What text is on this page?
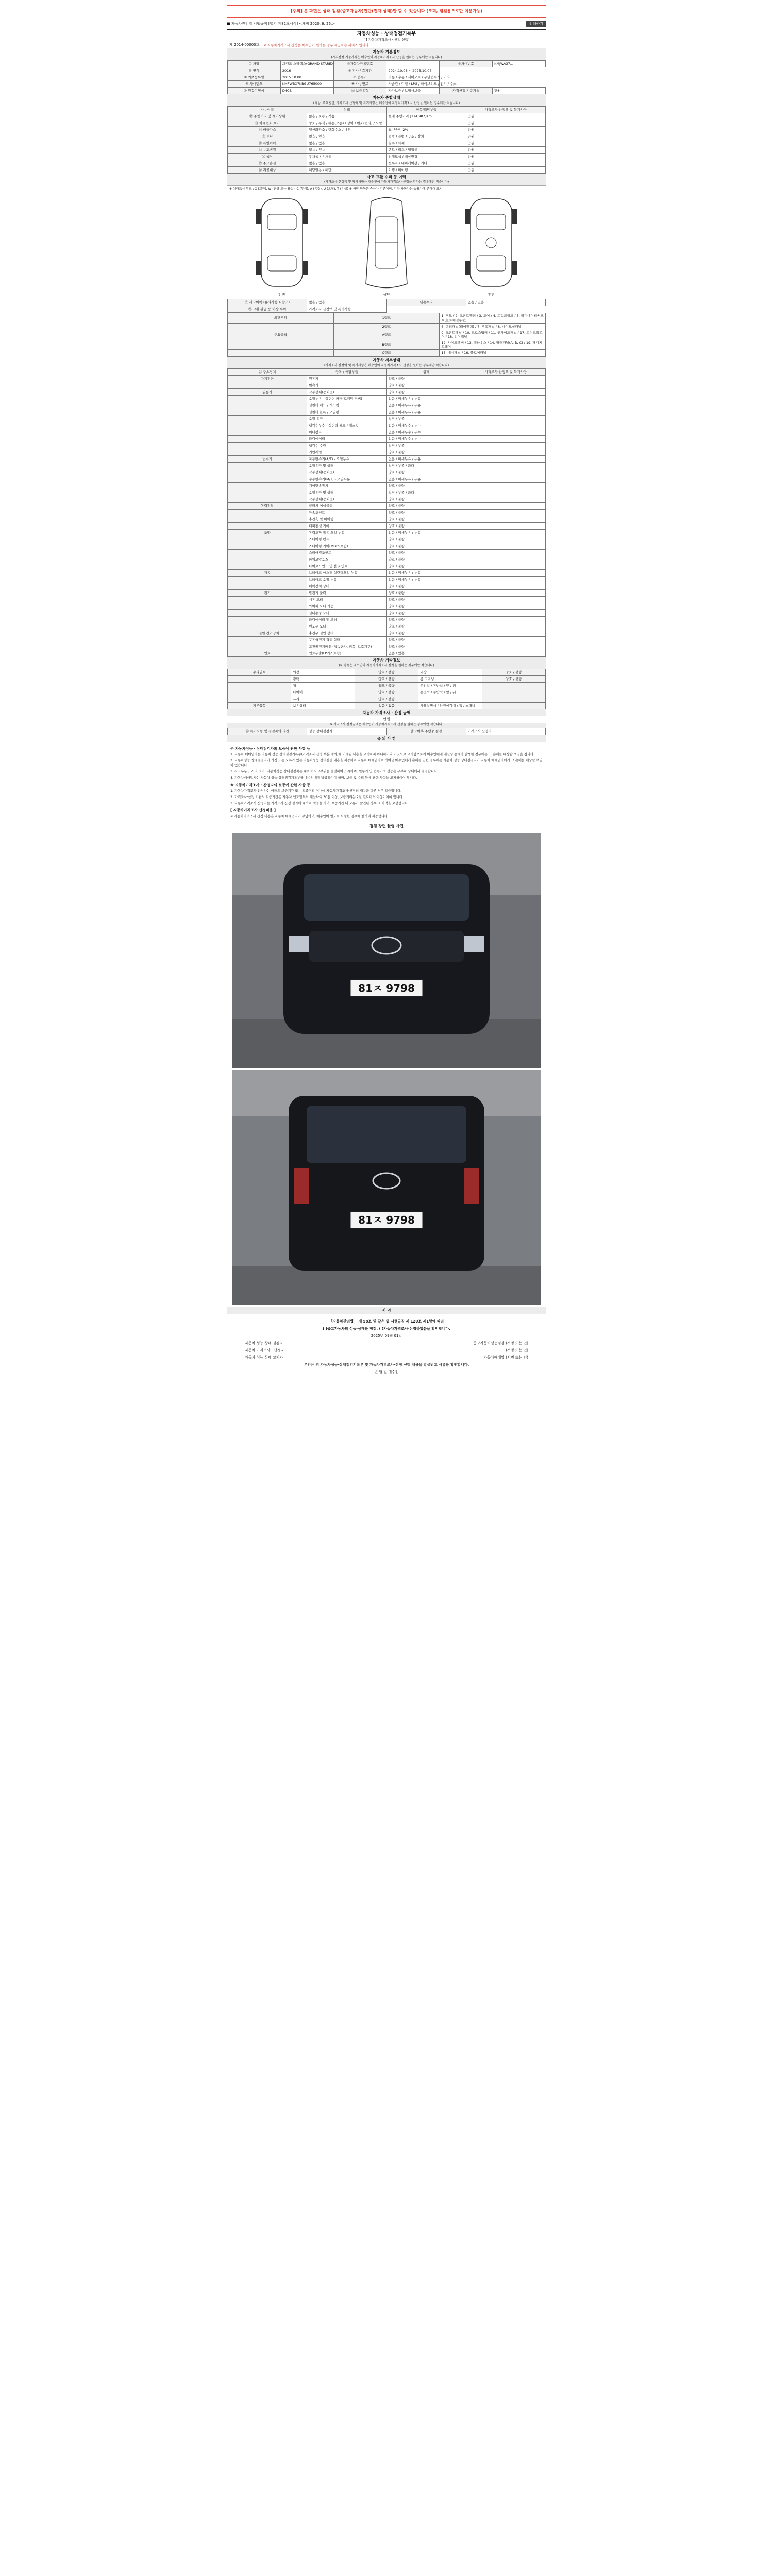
[주의] 본 화면은 상태 점검(중고자동차)진단(전자 상태)만 할 수 있습니다 (조회, 점검용으로만 이용가능)
■ 자동차관리법 시행규칙 [별지 제82호서식] <개정 2020. 6. 26.>	인쇄하기
자동차성능 · 상태점검기록부
[ ] 자동차가격조사 · 산정 선택]
제 2014-00000호 ※ 자동차가격조사·산정은 매수인이 원하는 경우 제공하는 서비스 입니다.
자동차 기본정보
(가격산정 기준가격은 매수인이 자동차가격조사·산정을 원하는 경우에만 적습니다)
① 차명	그랜드 스타렉스(GRAND STAREX)	②자동차등록번호		③차대번호	KMJWA37...
④ 연식	2016	⑤ 검사유효기간	2024.10.08 ~ 2025.10.07		
⑥ 최초등록일	2015.10.08	⑦ 변속기	자동 / 수동 / 세미오토 / 무단변속기 / 기타		
⑧ 차대번호	KMFWBX7KBGU765000	⑨ 사용연료	가솔린 / 디젤 / LPG / 하이브리드 / 전기 / 수소		
⑩ 원동기형식	D4CB	⑪ 보증유형	자가보증 / 보험사보증	가격산정 기준가격	만원
자동차 종합상태
(색상, 주요옵션, 가격조사·산정액 및 특기사항은 매수인이 자동차가격조사·산정을 원하는 경우에만 적습니다)
사용이력	상태	항목/해당부품	가격조사·산정액 및 특기사항
⑫ 주행거리 및 계기상태	많음 / 보통 / 적음	현재 주행거리 [174,987]Km	만원
⑬ 차대번호 표기	양호 / 부식 / 훼손(오손) / 상이 / 변조(변타) / 도말		만원
⑭ 배출가스	일산화탄소 / 탄화수소 / 매연	%, PPM, 2%	만원
⑮ 튜닝	없음 / 있음	적법 / 불법 / 구조 / 장치	만원
⑯ 특별이력	없음 / 있음	침수 / 화재	만원
⑰ 용도변경	없음 / 있음	렌트 / 리스 / 영업용	만원
⑱ 색상	무채색 / 유채색	전체도색 / 색상변경	만원
⑲ 주요옵션	없음 / 있음	선루프 / 내비게이션 / 기타	만원
⑳ 리콜대상	해당없음 / 해당	이행 / 미이행	만원
사고 교환 수리 등 이력
(가격조사·산정액 및 특기사항은 매수인이 자동차가격조사·산정을 원하는 경우에만 적습니다)
※ 상태표시 부호 : X (교환), W (판금 또는 용접), C (부식), A (흠집), U (요철), T (손상) ※ 하단 항목은 승용차 기준이며, 기타 자동차는 승용차에 준하여 표시
전면	상단	후면
㉑ 사고이력 (유의사항 4 참조)	없음 / 있음	단순수리	없음 / 있음
㉒ 교환·판금 등 이상 부위	가격조사·산정액 및 특기사항		
외판부위	1랭크	1. 후드 / 2. 프론트휀더 / 3. 도어 / 4. 트렁크리드 / 5. 라디에이터서포트(볼트체결부품)
	2랭크	6. 쿼터패널(리어휀더) / 7. 루프패널 / 8. 사이드실패널
주요골격	A랭크	9. 프론트패널 / 10. 크로스멤버 / 11. 인사이드패널 / 17. 트렁크플로어 / 18. 리어패널
	B랭크	12. 사이드멤버 / 13. 휠하우스 / 14. 필러패널(A, B, C) / 19. 패키지트레이
	C랭크	15. 대쉬패널 / 16. 플로어패널
자동차 세부상태
(가격조사·산정액 및 특기사항은 매수인이 자동차가격조사·산정을 원하는 경우에만 적습니다)
㉓ 주요장치	항목 / 해당부품	상태	가격조사·산정액 및 특기사항
자기진단	원동기	양호 / 불량	
	변속기	양호 / 불량	
원동기	작동상태(공회전)	양호 / 불량	
	오일누유 - 실린더 커버(로커암 커버)	없음 / 미세누유 / 누유	
	실린더 헤드 / 개스킷	없음 / 미세누유 / 누유	
	실린더 블록 / 오일팬	없음 / 미세누유 / 누유	
	오일 유량	적정 / 부족	
	냉각수누수 - 실린더 헤드 / 개스킷	없음 / 미세누수 / 누수	
	워터펌프	없음 / 미세누수 / 누수	
	라디에이터	없음 / 미세누수 / 누수	
	냉각수 수량	적정 / 부족	
	커먼레일	양호 / 불량	
변속기	자동변속기(A/T) - 오일누유	없음 / 미세누유 / 누유	
	오일유량 및 상태	적정 / 부족 / 과다	
	작동상태(공회전)	양호 / 불량	
	수동변속기(M/T) - 오일누유	없음 / 미세누유 / 누유	
	기어변속장치	양호 / 불량	
	오일유량 및 상태	적정 / 부족 / 과다	
	작동상태(공회전)	양호 / 불량	
동력전달	클러치 어셈블리	양호 / 불량	
	등속조인트	양호 / 불량	
	추진축 및 베어링	양호 / 불량	
	디퍼렌셜 기어	양호 / 불량	
조향	동력조향 작동 오일 누유	없음 / 미세누유 / 누유	
	스티어링 펌프	양호 / 불량	
	스티어링 기어(MDPS포함)	양호 / 불량	
	스티어링조인트	양호 / 불량	
	파워고압호스	양호 / 불량	
	타이로드엔드 및 볼 조인트	양호 / 불량	
제동	브레이크 마스터 실린더오일 누유	없음 / 미세누유 / 누유	
	브레이크 오일 누유	없음 / 미세누유 / 누유	
	배력장치 상태	양호 / 불량	
전기	발전기 출력	양호 / 불량	
	시동 모터	양호 / 불량	
	와이퍼 모터 기능	양호 / 불량	
	실내송풍 모터	양호 / 불량	
	라디에이터 팬 모터	양호 / 불량	
	윈도우 모터	양호 / 불량	
고전원 전기장치	충전구 절연 상태	양호 / 불량	
	구동축전지 격리 상태	양호 / 불량	
	고전원전기배선 (접속단자, 피복, 보호기구)	양호 / 불량	
연료	연료누출(LP가스포함)	없음 / 있음	
자동차 기타정보
(※ 항목은 매수인이 자동차가격조사·산정을 원하는 경우에만 적습니다)
수리필요	외장	양호 / 불량	내장	양호 / 불량
	광택	양호 / 불량	룸 크리닝	양호 / 불량
	휠	양호 / 불량	운전석 / 동반석 / 앞 / 뒤	
	타이어	양호 / 불량	운전석 / 동반석 / 앞 / 뒤	
	유리	양호 / 불량		
기본품목	보유상태	없음 / 있음	사용설명서 / 안전삼각대 / 잭 / 스패너	
자동차 가격조사 · 산정 금액
만원
※ 가격조사·산정금액은 매수인이 자동차가격조사·산정을 원하는 경우에만 적습니다.
㉔ 특기사항 및 점검자의 의견	성능·상태점검자	출고이후 주행중 점검	가격조사·산정자
유 의 사 항
※ 자동차성능 · 상태점검자의 보증에 관한 사항 등

1. 자동차 매매업자는 자동차 성능·상태점검기록부(가격조사·산정 부분 제외)에 기재된 내용을 고지하지 아니하거나 거짓으로 고지함으로써 매수인에게 재산상 손해가 발생한 경우에는 그 손해를 배상할 책임을 집니다.

2. 자동차성능·상태점검자가 거짓 또는 오류가 있는 자동차성능·상태점검 내용을 제공하여 자동차 매매업자로 하여금 매수인에게 손해를 입힌 경우에는 자동차 성능·상태점검자가 자동차 매매업자에게 그 손해를 배상할 책임이 있습니다.

3. 사고유무 표시의 의미: 자동차성능·상태점검자는 대표적 사고부위를 점검하여 표시하며, 원동기 및 변속기의 성능은 무부하 상태에서 점검합니다.

4. 자동차매매업자는 자동차 성능·상태점검기록부를 매수인에게 발급하여야 하며, 보증 및 수리 등에 관한 사항을 고지하여야 합니다.

※ 자동차가격조사 · 산정자의 보증에 관한 사항 등

1. 자동차가격조사·산정자는 아래의 보증기간 또는 보증거리 이내에 자동차가격조사·산정의 내용과 다른 경우 보증합니다.

2. 가격조사·산정 기관의 보증기간은 자동차 인도일부터 계산하여 30일 이상, 보증거리는 2천 킬로미터 이상이어야 합니다.

3. 자동차가격조사·산정자는 가격조사·산정 결과에 대하여 책임을 지며, 보증기간 내 오류가 발견된 경우 그 차액을 보상합니다.

[ 자동차가격조사 산정비용 ]

※ 자동차가격조사·산정 비용은 자동차 매매업자가 부담하며, 매수인이 별도로 요청한 경우에 한하여 제공합니다.

점검 장면 촬영 사진
81ㅈ 9798
81ㅈ 9798
서 명
「자동차관리법」 제 58조 및 같은 법 시행규칙 제 120조 제1항에 따라
( )중고자동차의 성능·상태를 점검, ( )자동차가격조사·산정하였음을 확인합니다.
2025년 09월 01일
자동차 성능 상태 점검자	중고자동차성능점검 (서명 또는 인)
자동차 가격조사 · 산정자	(서명 또는 인)
자동차 성능 상태 고지자	자동차매매업 (서명 또는 인)
본인은 위 자동차성능·상태점검기록부 및 자동차가격조사·산정 선택 내용을 발급받고 서류를 확인합니다.
년 월 일 매수인
